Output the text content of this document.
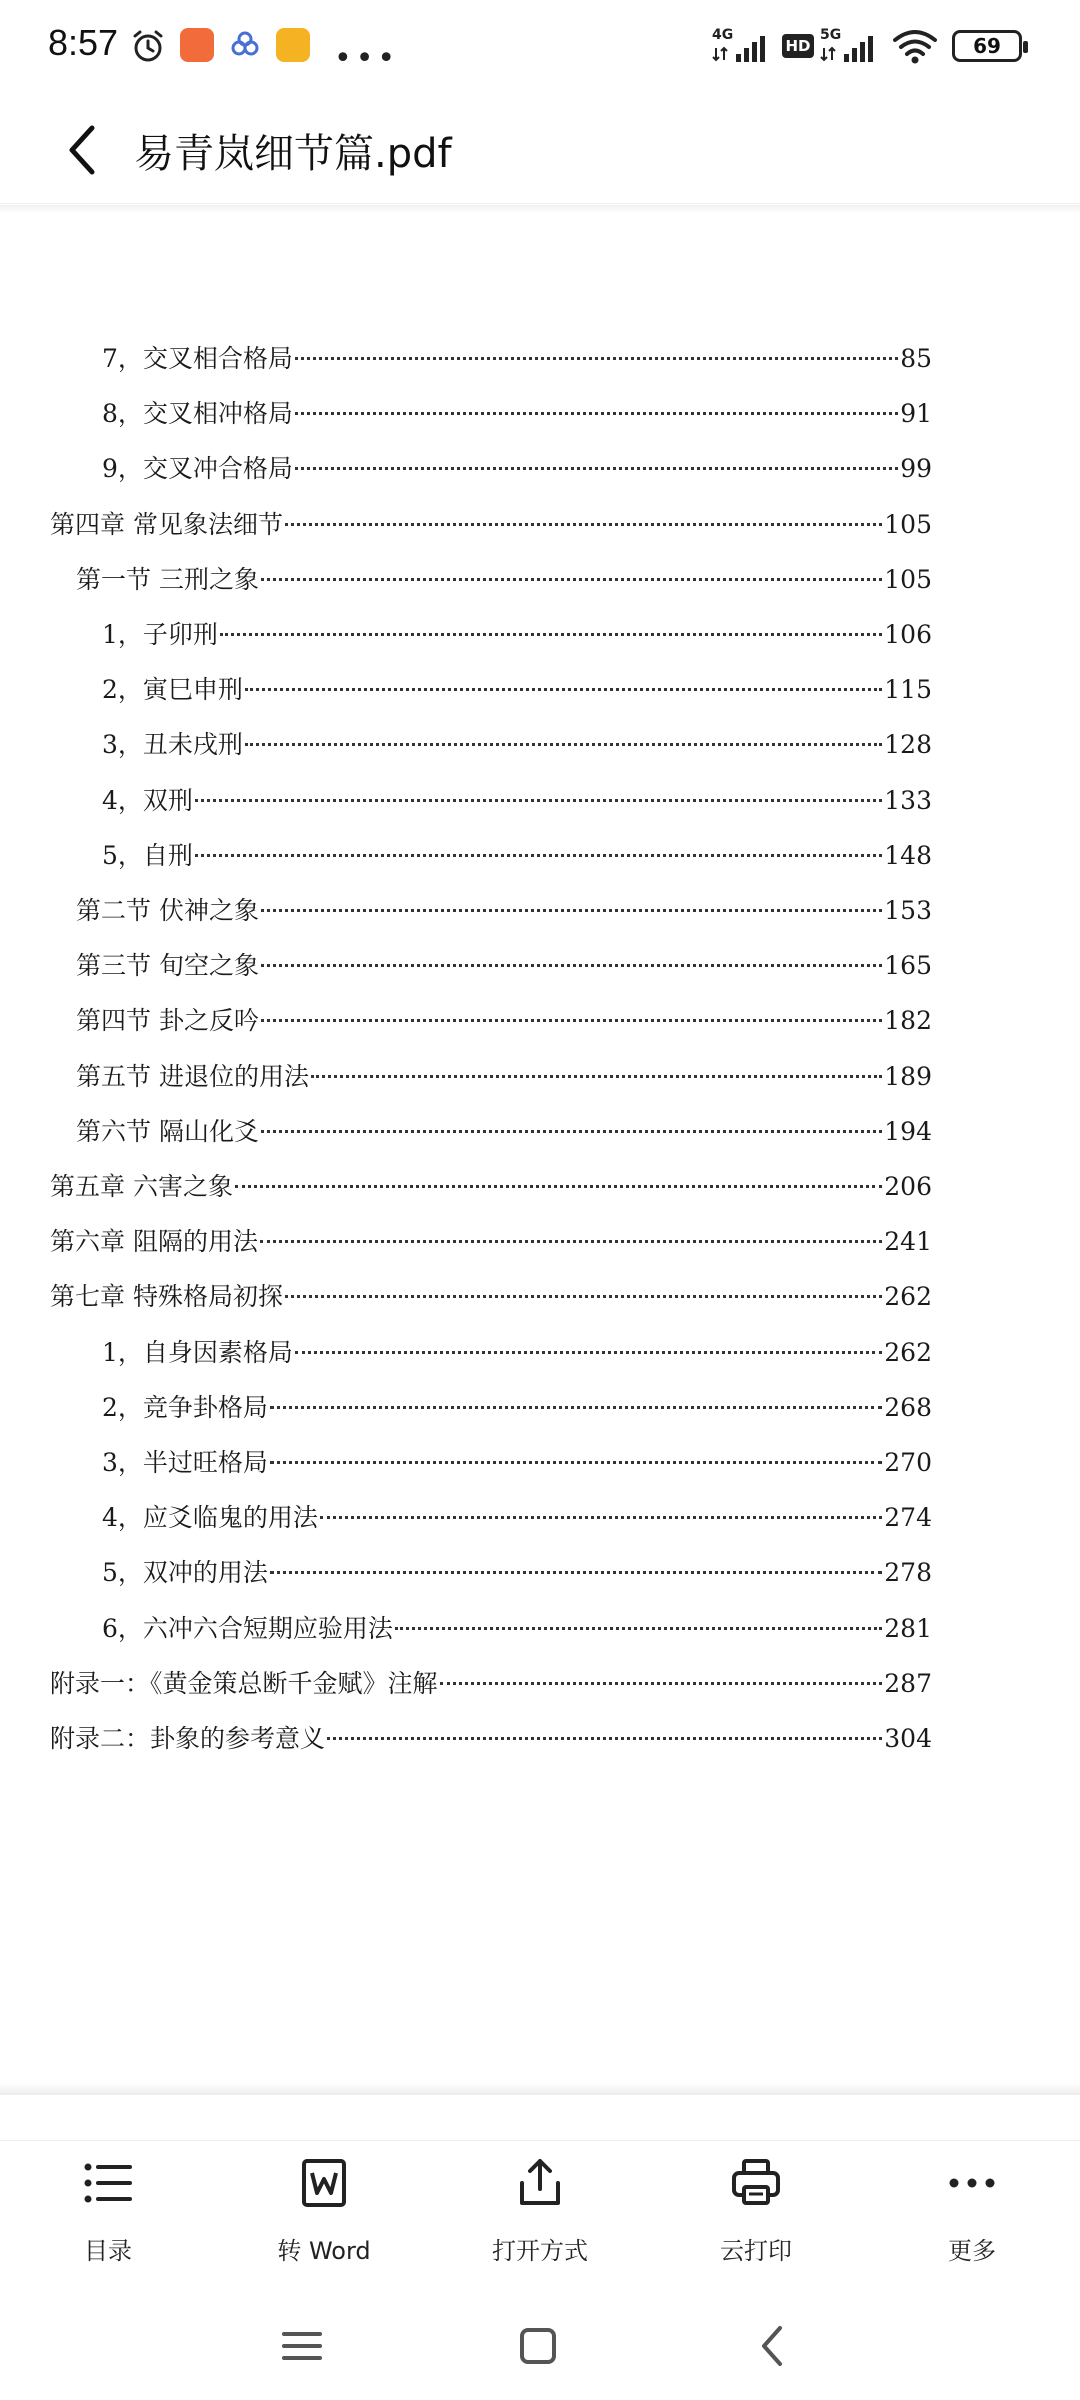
8:57	•••
4G
HD
5G	69
易青岚细节篇.pdf
7，交叉相合格局	85
8，交叉相冲格局	91
9，交叉冲合格局	99
第四章 常见象法细节	105
第一节 三刑之象	105
1，子卯刑	106
2，寅巳申刑	115
3，丑未戌刑	128
4，双刑	133
5，自刑	148
第二节 伏神之象	153
第三节 旬空之象	165
第四节 卦之反吟	182
第五节 进退位的用法	189
第六节 隔山化爻	194
第五章 六害之象	206
第六章 阻隔的用法	241
第七章 特殊格局初探	262
1，自身因素格局	262
2，竞争卦格局	268
3，半过旺格局	270
4，应爻临鬼的用法	274
5，双冲的用法	278
6，六冲六合短期应验用法	281
附录一：《黄金策总断千金赋》注解	287
附录二：卦象的参考意义	304
目录	转 Word	打开方式	云打印	更多
